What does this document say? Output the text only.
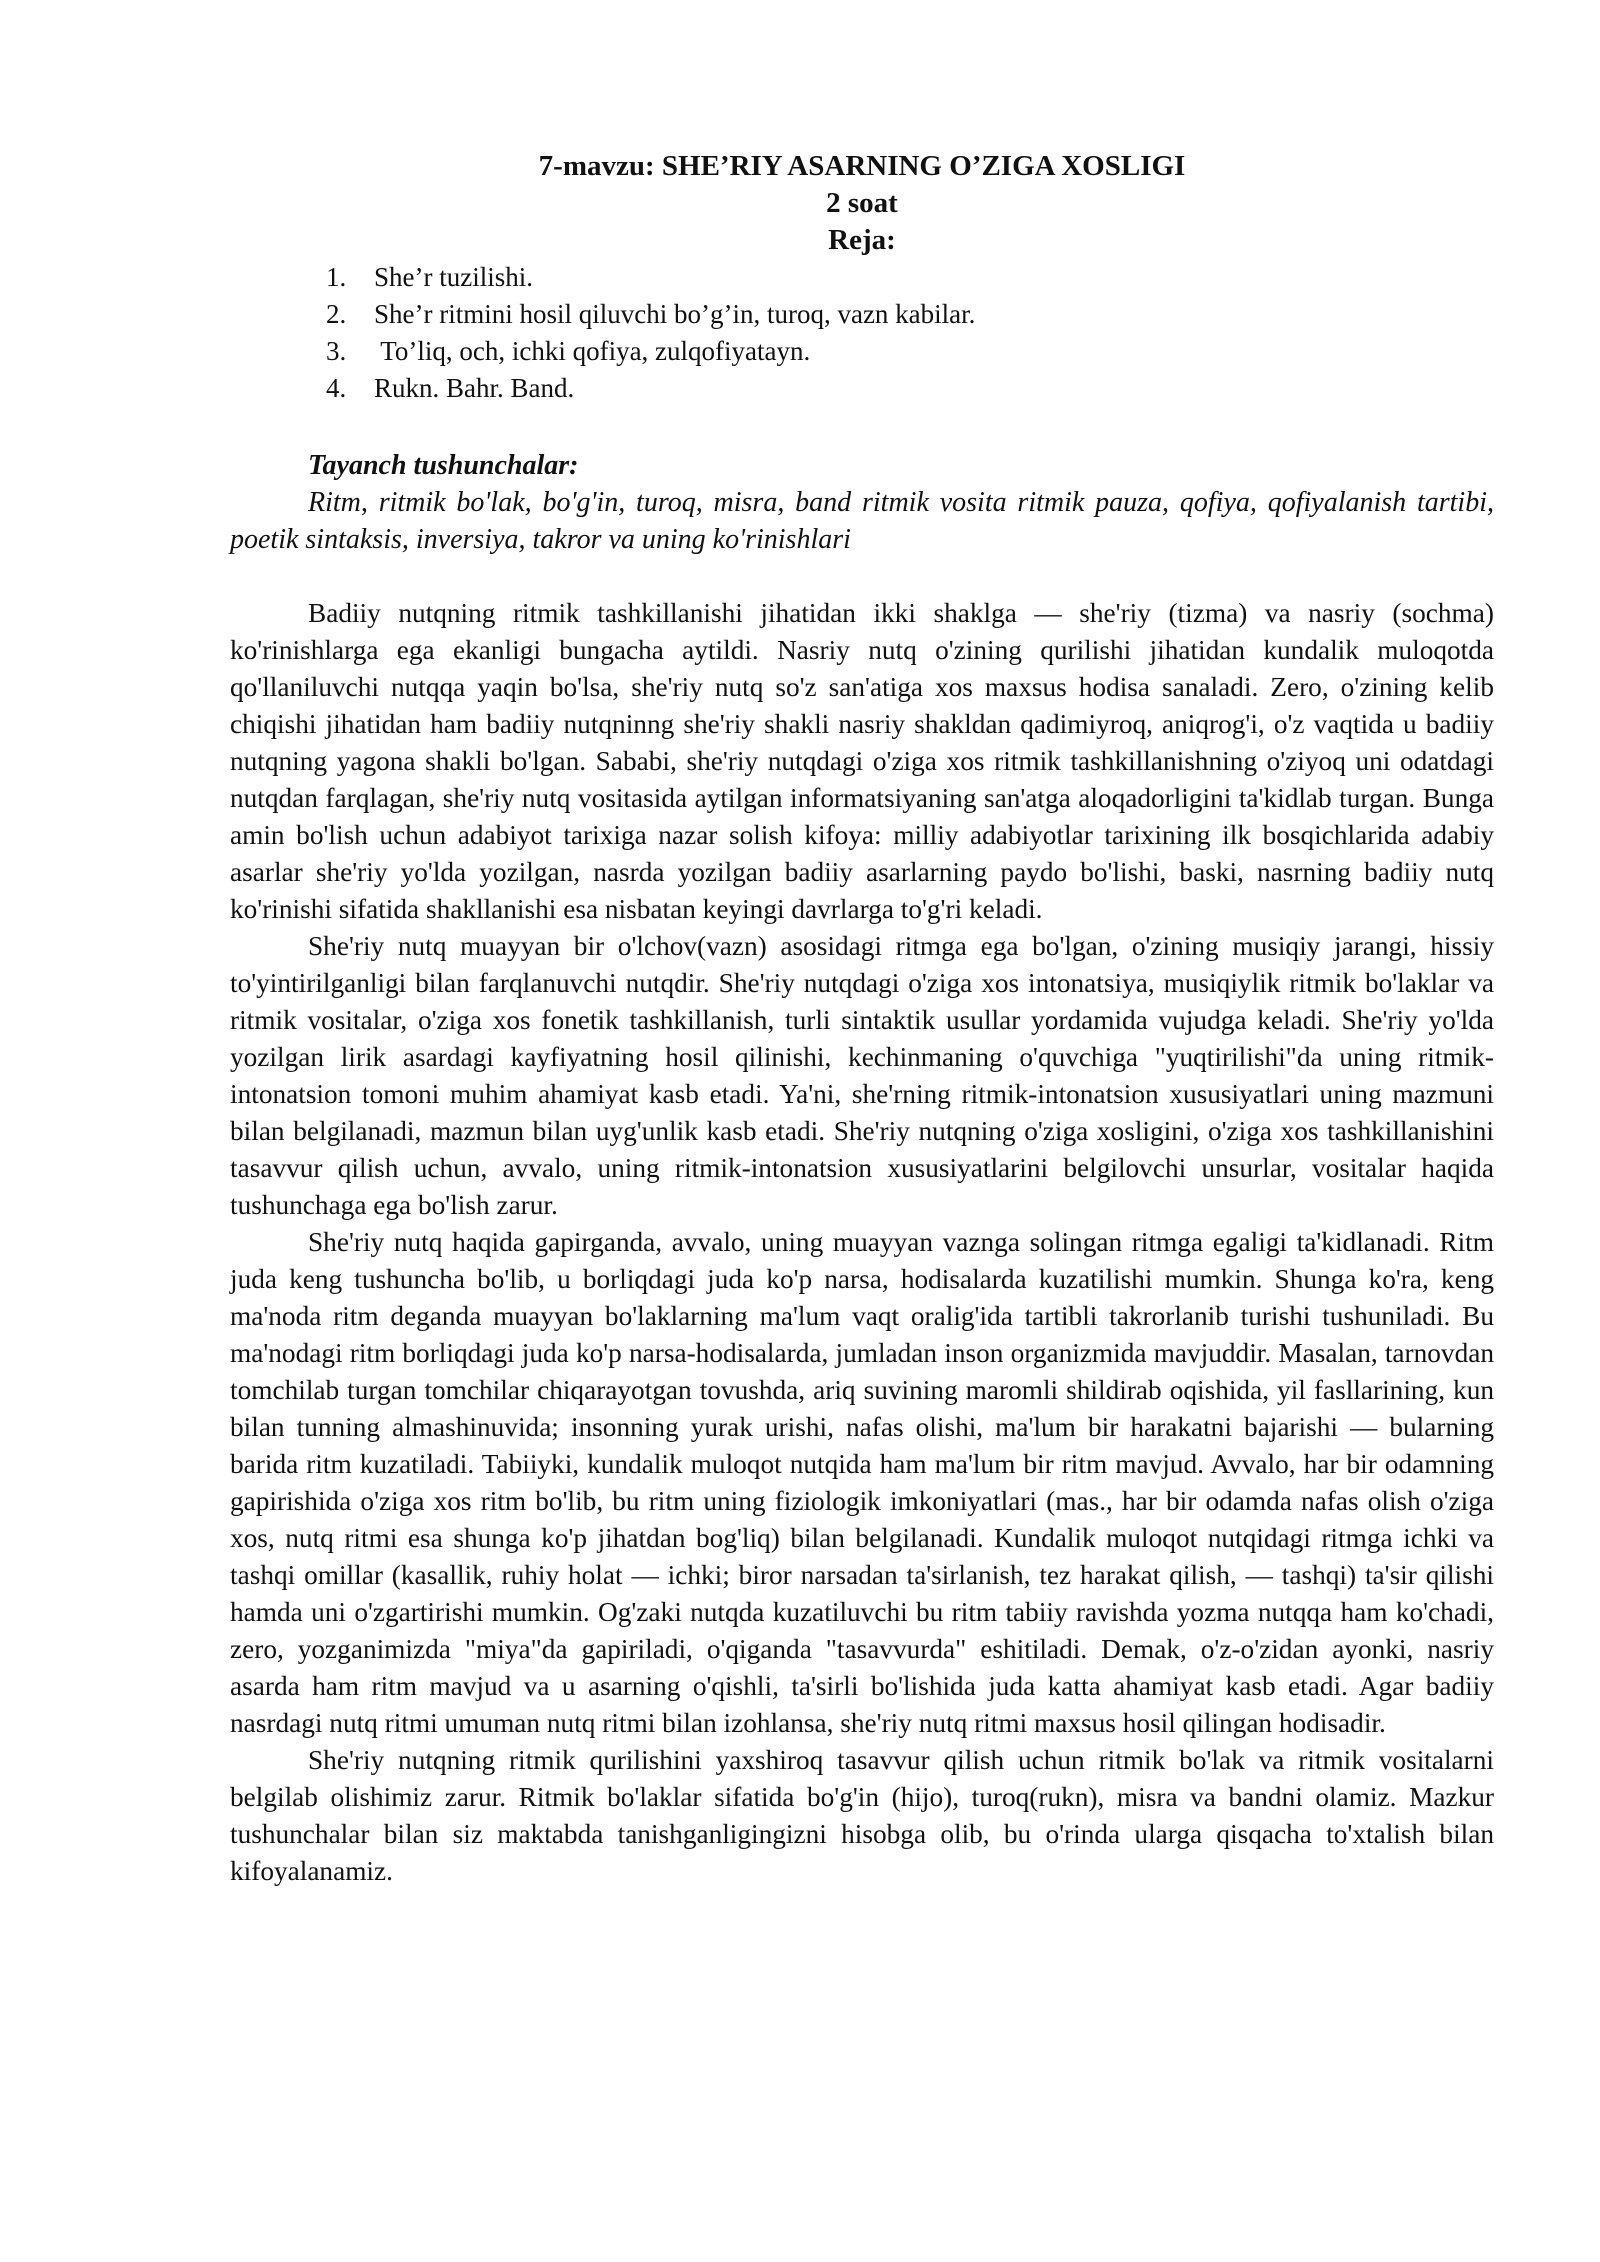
7-mavzu: SHE’RIY ASARNING O’ZIGA XOSLIGI
2 soat
Reja:
1. She’r tuzilishi.
2. She’r ritmini hosil qiluvchi bo’g’in, turoq, vazn kabilar.
3. To’liq, och, ichki qofiya, zulqofiyatayn.
4. Rukn. Bahr. Band.
Tayanch tushunchalar:

Ritm, ritmik bo'lak, bo'g'in, turoq, misra, band ritmik vosita ritmik pauza, qofiya, qofiyalanish tartibi, poetik sintaksis, inversiya, takror va uning ko'rinishlari

Badiiy nutqning ritmik tashkillanishi jihatidan ikki shaklga — she'riy (tizma) va nasriy (sochma) ko'rinishlarga ega ekanligi bungacha aytildi. Nasriy nutq o'zining qurilishi jihatidan kundalik muloqotda qo'llaniluvchi nutqqa yaqin bo'lsa, she'riy nutq so'z san'atiga xos maxsus hodisa sanaladi. Zero, o'zining kelib chiqishi jihatidan ham badiiy nutqninng she'riy shakli nasriy shakldan qadimiyroq, aniqrog'i, o'z vaqtida u badiiy nutqning yagona shakli bo'lgan. Sababi, she'riy nutqdagi o'ziga xos ritmik tashkillanishning o'ziyoq uni odatdagi nutqdan farqlagan, she'riy nutq vositasida aytilgan informatsiyaning san'atga aloqadorligini ta'kidlab turgan. Bunga amin bo'lish uchun adabiyot tarixiga nazar solish kifoya: milliy adabiyotlar tarixining ilk bosqichlarida adabiy asarlar she'riy yo'lda yozilgan, nasrda yozilgan badiiy asarlarning paydo bo'lishi, baski, nasrning badiiy nutq ko'rinishi sifatida shakllanishi esa nisbatan keyingi davrlarga to'g'ri keladi.

She'riy nutq muayyan bir o'lchov(vazn) asosidagi ritmga ega bo'lgan, o'zining musiqiy jarangi, hissiy to'yintirilganligi bilan farqlanuvchi nutqdir. She'riy nutqdagi o'ziga xos intonatsiya, musiqiylik ritmik bo'laklar va ritmik vositalar, o'ziga xos fonetik tashkillanish, turli sintaktik usullar yordamida vujudga keladi. She'riy yo'lda yozilgan lirik asardagi kayfiyatning hosil qilinishi, kechinmaning o'quvchiga "yuqtirilishi"da uning ritmik-intonatsion tomoni muhim ahamiyat kasb etadi. Ya'ni, she'rning ritmik-intonatsion xususiyatlari uning mazmuni bilan belgilanadi, mazmun bilan uyg'unlik kasb etadi. She'riy nutqning o'ziga xosligini, o'ziga xos tashkillanishini tasavvur qilish uchun, avvalo, uning ritmik-intonatsion xususiyatlarini belgilovchi unsurlar, vositalar haqida tushunchaga ega bo'lish zarur.

She'riy nutq haqida gapirganda, avvalo, uning muayyan vaznga solingan ritmga egaligi ta'kidlanadi. Ritm juda keng tushuncha bo'lib, u borliqdagi juda ko'p narsa, hodisalarda kuzatilishi mumkin. Shunga ko'ra, keng ma'noda ritm deganda muayyan bo'laklarning ma'lum vaqt oralig'ida tartibli takrorlanib turishi tushuniladi. Bu ma'nodagi ritm borliqdagi juda ko'p narsa-hodisalarda, jumladan inson organizmida mavjuddir. Masalan, tarnovdan tomchilab turgan tomchilar chiqarayotgan tovushda, ariq suvining maromli shildirab oqishida, yil fasllarining, kun bilan tunning almashinuvida; insonning yurak urishi, nafas olishi, ma'lum bir harakatni bajarishi — bularning barida ritm kuzatiladi. Tabiiyki, kundalik muloqot nutqida ham ma'lum bir ritm mavjud. Avvalo, har bir odamning gapirishida o'ziga xos ritm bo'lib, bu ritm uning fiziologik imkoniyatlari (mas., har bir odamda nafas olish o'ziga xos, nutq ritmi esa shunga ko'p jihatdan bog'liq) bilan belgilanadi. Kundalik muloqot nutqidagi ritmga ichki va tashqi omillar (kasallik, ruhiy holat — ichki; biror narsadan ta'sirlanish, tez harakat qilish, — tashqi) ta'sir qilishi hamda uni o'zgartirishi mumkin. Og'zaki nutqda kuzatiluvchi bu ritm tabiiy ravishda yozma nutqqa ham ko'chadi, zero, yozganimizda "miya"da gapiriladi, o'qiganda "tasavvurda" eshitiladi. Demak, o'z-o'zidan ayonki, nasriy asarda ham ritm mavjud va u asarning o'qishli, ta'sirli bo'lishida juda katta ahamiyat kasb etadi. Agar badiiy nasrdagi nutq ritmi umuman nutq ritmi bilan izohlansa, she'riy nutq ritmi maxsus hosil qilingan hodisadir.

She'riy nutqning ritmik qurilishini yaxshiroq tasavvur qilish uchun ritmik bo'lak va ritmik vositalarni belgilab olishimiz zarur. Ritmik bo'laklar sifatida bo'g'in (hijo), turoq(rukn), misra va bandni olamiz. Mazkur tushunchalar bilan siz maktabda tanishganligingizni hisobga olib, bu o'rinda ularga qisqacha to'xtalish bilan kifoyalanamiz.
